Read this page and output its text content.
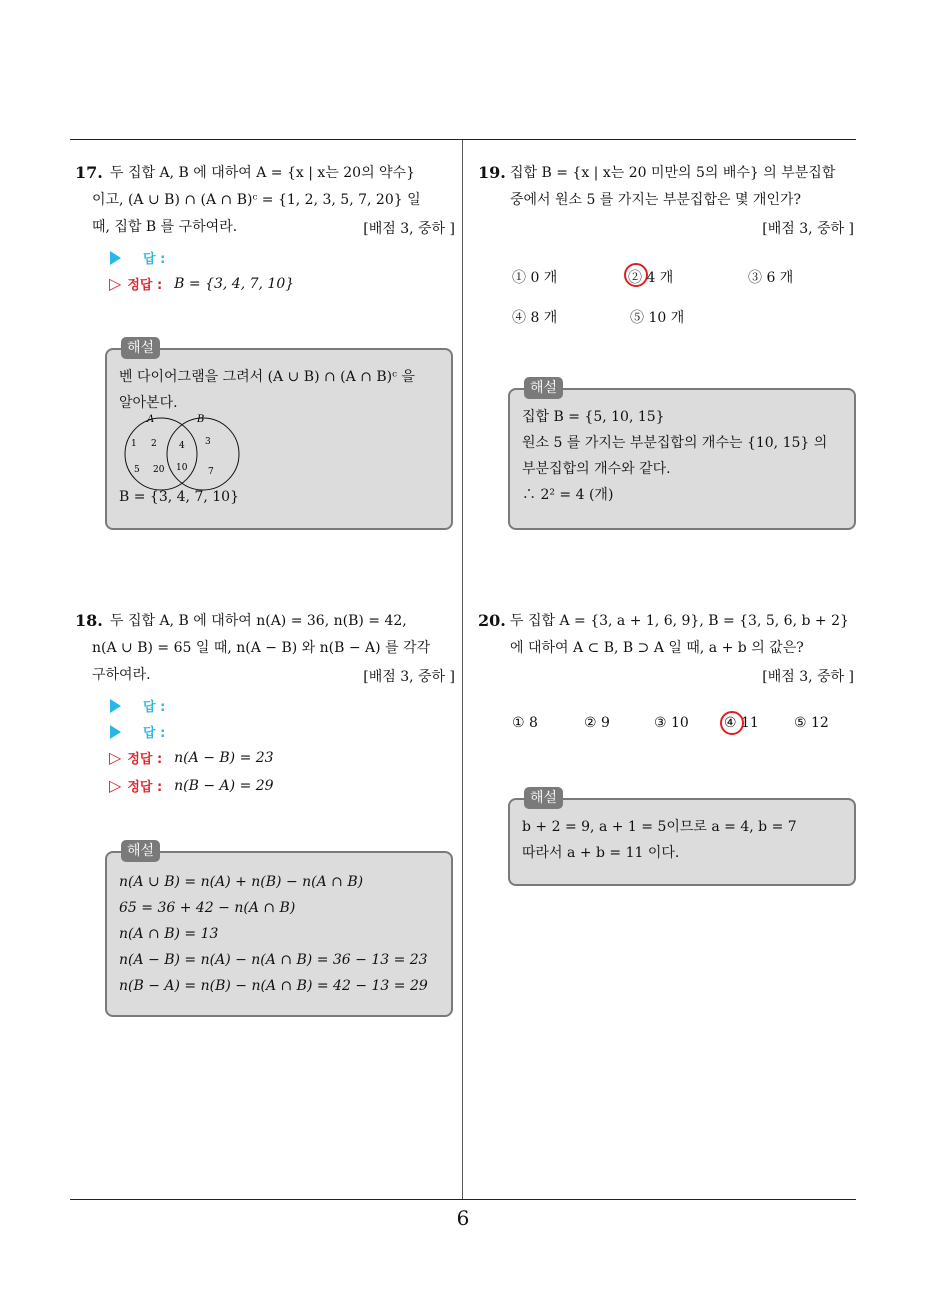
17. 두 집합 A, B 에 대하여 A = {x | x는 20의 약수}
이고, (A ∪ B) ∩ (A ∩ B)ᶜ = {1, 2, 3, 5, 7, 20} 일
때, 집합 B 를 구하여라.	[배점 3, 중하 ]
답 :
▷ 정답 : B = {3, 4, 7, 10}
해설
벤 다이어그램을 그려서 (A ∪ B) ∩ (A ∩ B)ᶜ 을
알아본다.
A	B
1 2
5 20
4
10
3
7
B = {3, 4, 7, 10}
18. 두 집합 A, B 에 대하여 n(A) = 36, n(B) = 42,
n(A ∪ B) = 65 일 때, n(A − B) 와 n(B − A) 를 각각
구하여라.	[배점 3, 중하 ]
답 :
답 :
▷ 정답 : n(A − B) = 23
▷ 정답 : n(B − A) = 29
해설
n(A ∪ B) = n(A) + n(B) − n(A ∩ B)
65 = 36 + 42 − n(A ∩ B)
n(A ∩ B) = 13
n(A − B) = n(A) − n(A ∩ B) = 36 − 13 = 23
n(B − A) = n(B) − n(A ∩ B) = 42 − 13 = 29
19. 집합 B = {x | x는 20 미만의 5의 배수} 의 부분집합
중에서 원소 5 를 가지는 부분집합은 몇 개인가?
[배점 3, 중하 ]
① 0 개	② 4 개	③ 6 개
④ 8 개	⑤ 10 개
해설
집합 B = {5, 10, 15}
원소 5 를 가지는 부분집합의 개수는 {10, 15} 의
부분집합의 개수와 같다.
∴ 2² = 4 (개)
20. 두 집합 A = {3, a + 1, 6, 9}, B = {3, 5, 6, b + 2}
에 대하여 A ⊂ B, B ⊃ A 일 때, a + b 의 값은?
[배점 3, 중하 ]
① 8	② 9	③ 10	④ 11	⑤ 12
해설
b + 2 = 9, a + 1 = 5이므로 a = 4, b = 7
따라서 a + b = 11 이다.
6
